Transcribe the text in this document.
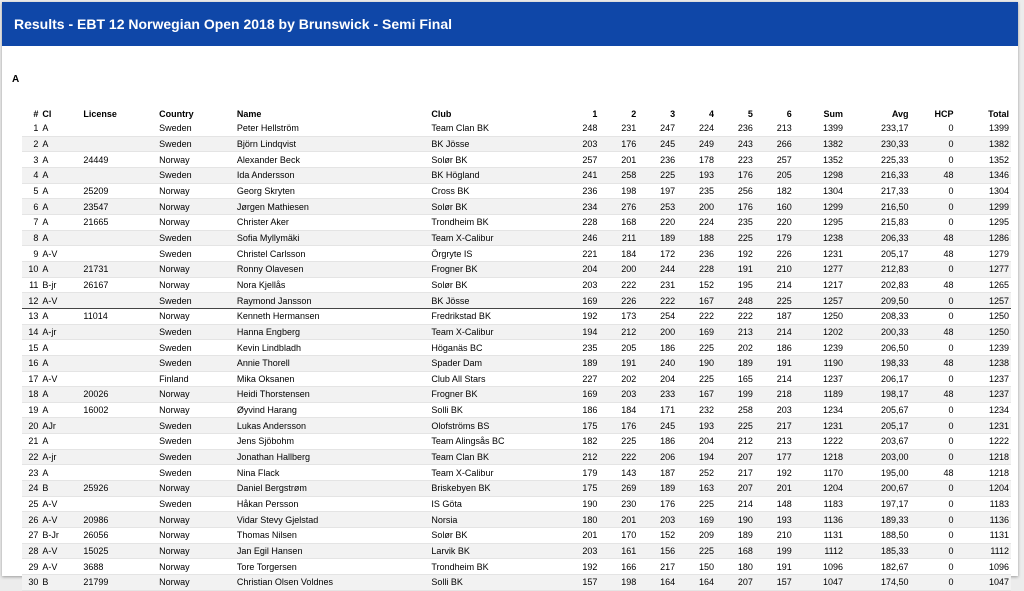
Results - EBT 12 Norwegian Open 2018 by Brunswick - Semi Final
A
#	Cl	License	Country	Name	Club	1	2	3	4	5	6	Sum	Avg	HCP	Total
1	A		Sweden	Peter Hellström	Team Clan BK	248	231	247	224	236	213	1399	233,17	0	1399
2	A		Sweden	Björn Lindqvist	BK Jösse	203	176	245	249	243	266	1382	230,33	0	1382
3	A	24449	Norway	Alexander Beck	Solør BK	257	201	236	178	223	257	1352	225,33	0	1352
4	A		Sweden	Ida Andersson	BK Högland	241	258	225	193	176	205	1298	216,33	48	1346
5	A	25209	Norway	Georg Skryten	Cross BK	236	198	197	235	256	182	1304	217,33	0	1304
6	A	23547	Norway	Jørgen Mathiesen	Solør BK	234	276	253	200	176	160	1299	216,50	0	1299
7	A	21665	Norway	Christer Aker	Trondheim BK	228	168	220	224	235	220	1295	215,83	0	1295
8	A		Sweden	Sofia Myllymäki	Team X-Calibur	246	211	189	188	225	179	1238	206,33	48	1286
9	A-V		Sweden	Christel Carlsson	Örgryte IS	221	184	172	236	192	226	1231	205,17	48	1279
10	A	21731	Norway	Ronny Olavesen	Frogner BK	204	200	244	228	191	210	1277	212,83	0	1277
11	B-jr	26167	Norway	Nora Kjellås	Solør BK	203	222	231	152	195	214	1217	202,83	48	1265
12	A-V		Sweden	Raymond Jansson	BK Jösse	169	226	222	167	248	225	1257	209,50	0	1257
13	A	11014	Norway	Kenneth Hermansen	Fredrikstad BK	192	173	254	222	222	187	1250	208,33	0	1250
14	A-jr		Sweden	Hanna Engberg	Team X-Calibur	194	212	200	169	213	214	1202	200,33	48	1250
15	A		Sweden	Kevin Lindbladh	Höganäs BC	235	205	186	225	202	186	1239	206,50	0	1239
16	A		Sweden	Annie Thorell	Spader Dam	189	191	240	190	189	191	1190	198,33	48	1238
17	A-V		Finland	Mika Oksanen	Club All Stars	227	202	204	225	165	214	1237	206,17	0	1237
18	A	20026	Norway	Heidi Thorstensen	Frogner BK	169	203	233	167	199	218	1189	198,17	48	1237
19	A	16002	Norway	Øyvind Harang	Solli BK	186	184	171	232	258	203	1234	205,67	0	1234
20	AJr		Sweden	Lukas Andersson	Olofströms BS	175	176	245	193	225	217	1231	205,17	0	1231
21	A		Sweden	Jens Sjöbohm	Team Alingsås BC	182	225	186	204	212	213	1222	203,67	0	1222
22	A-jr		Sweden	Jonathan Hallberg	Team Clan BK	212	222	206	194	207	177	1218	203,00	0	1218
23	A		Sweden	Nina Flack	Team X-Calibur	179	143	187	252	217	192	1170	195,00	48	1218
24	B	25926	Norway	Daniel Bergstrøm	Briskebyen BK	175	269	189	163	207	201	1204	200,67	0	1204
25	A-V		Sweden	Håkan Persson	IS Göta	190	230	176	225	214	148	1183	197,17	0	1183
26	A-V	20986	Norway	Vidar Stevy Gjelstad	Norsia	180	201	203	169	190	193	1136	189,33	0	1136
27	B-Jr	26056	Norway	Thomas Nilsen	Solør BK	201	170	152	209	189	210	1131	188,50	0	1131
28	A-V	15025	Norway	Jan Egil Hansen	Larvik BK	203	161	156	225	168	199	1112	185,33	0	1112
29	A-V	3688	Norway	Tore Torgersen	Trondheim BK	192	166	217	150	180	191	1096	182,67	0	1096
30	B	21799	Norway	Christian Olsen Voldnes	Solli BK	157	198	164	164	207	157	1047	174,50	0	1047
